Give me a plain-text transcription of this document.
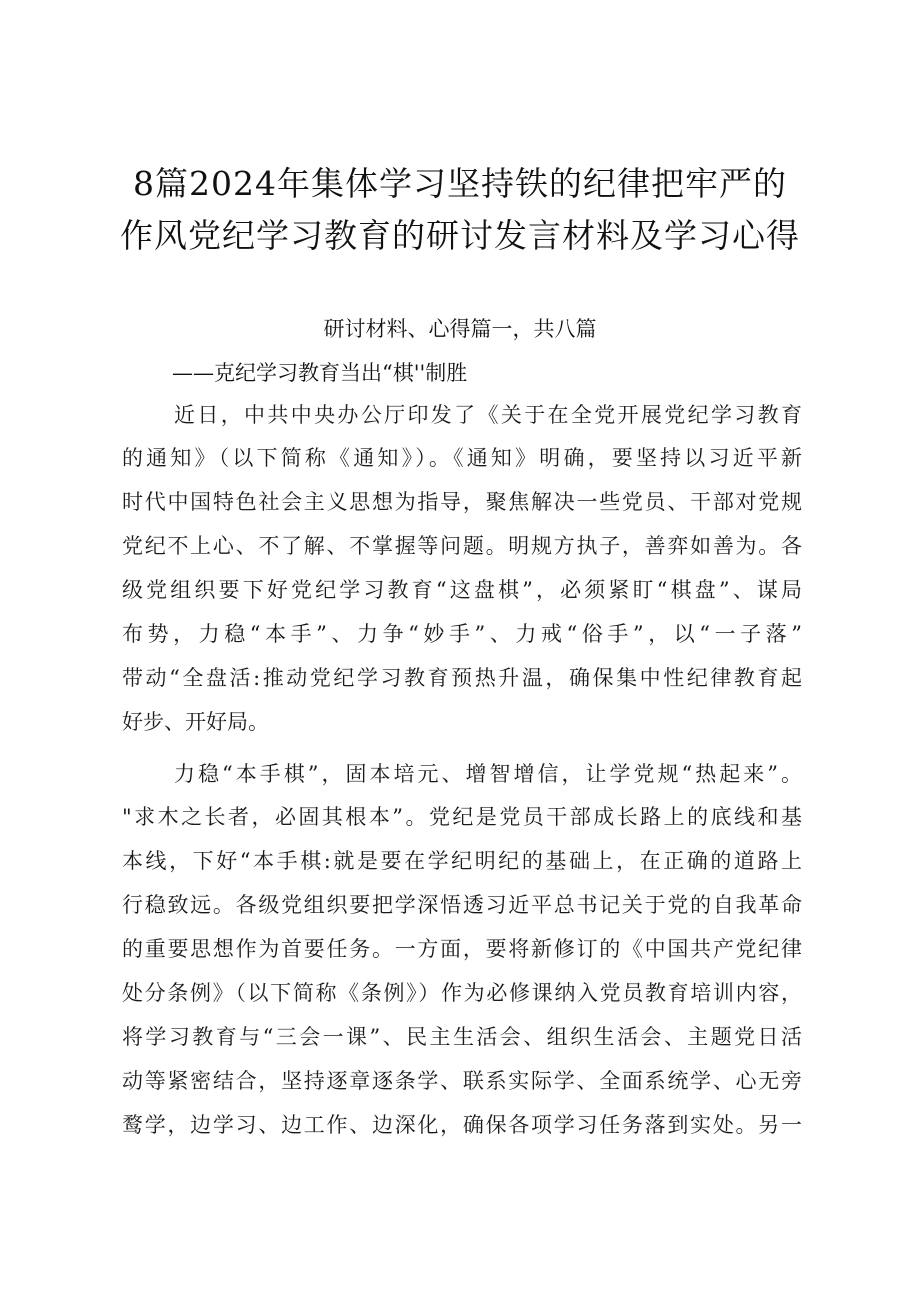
8篇2024年集体学习坚持铁的纪律把牢严的
作风党纪学习教育的研讨发言材料及学习心得
研讨材料、心得篇一，共八篇
——克纪学习教育当出“棋''制胜
近日，中共中央办公厅印发了《关于在全党开展党纪学习教育
的通知》（以下简称《通知》）。《通知》明确，要坚持以习近平新
时代中国特色社会主义思想为指导，聚焦解决一些党员、干部对党规
党纪不上心、不了解、不掌握等问题。明规方执子，善弈如善为。各
级党组织要下好党纪学习教育“这盘棋”，必须紧盯“棋盘”、谋局
布势，力稳“本手”、力争“妙手”、力戒“俗手”，以“一子落”
带动“全盘活:推动党纪学习教育预热升温，确保集中性纪律教育起
好步、开好局。
力稳“本手棋”，固本培元、增智增信，让学党规“热起来”。
"求木之长者，必固其根本”。党纪是党员干部成长路上的底线和基
本线，下好“本手棋:就是要在学纪明纪的基础上，在正确的道路上
行稳致远。各级党组织要把学深悟透习近平总书记关于党的自我革命
的重要思想作为首要任务。一方面，要将新修订的《中国共产党纪律
处分条例》（以下简称《条例》）作为必修课纳入党员教育培训内容，
将学习教育与“三会一课”、民主生活会、组织生活会、主题党日活
动等紧密结合，坚持逐章逐条学、联系实际学、全面系统学、心无旁
鹜学，边学习、边工作、边深化，确保各项学习任务落到实处。另一
